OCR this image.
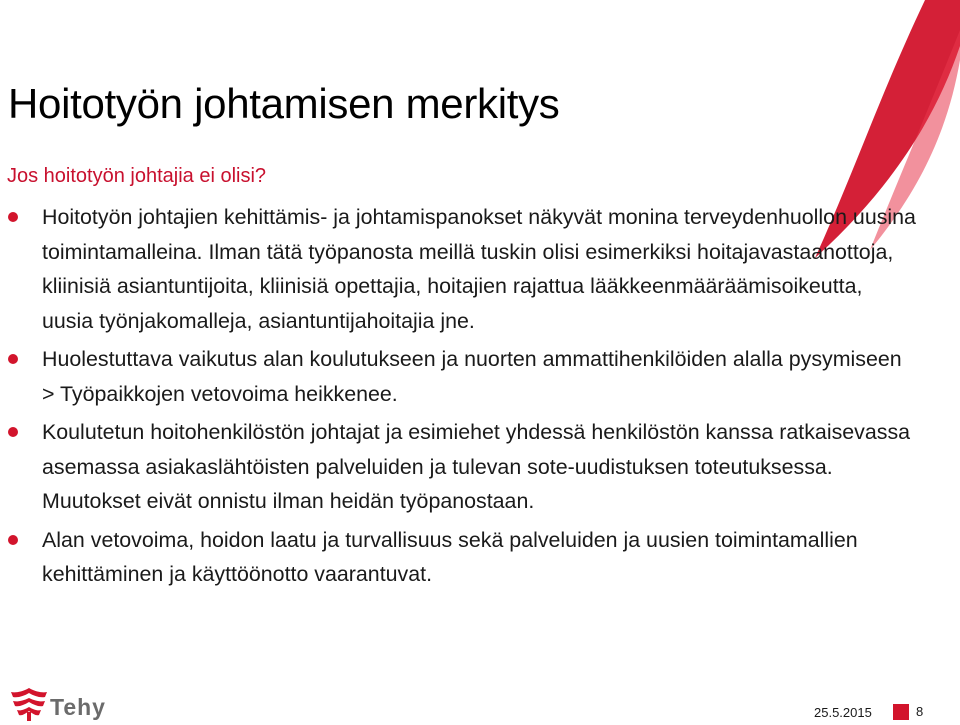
Hoitotyön johtamisen merkitys

Jos hoitotyön johtajia ei olisi?

Hoitotyön johtajien kehittämis- ja johtamispanokset näkyvät monina terveydenhuollon uusina toimintamalleina. Ilman tätä työpanosta meillä tuskin olisi esimerkiksi hoitajavastaanottoja, kliinisiä asiantuntijoita, kliinisiä opettajia, hoitajien rajattua lääkkeenmääräämisoikeutta, uusia työnjakomalleja, asiantuntijahoitajia jne.
Huolestuttava vaikutus alan koulutukseen ja nuorten ammattihenkilöiden alalla pysymiseen > Työpaikkojen vetovoima heikkenee.
Koulutetun hoitohenkilöstön johtajat ja esimiehet yhdessä henkilöstön kanssa ratkaisevassa asemassa asiakaslähtöisten palveluiden ja tulevan sote-uudistuksen toteutuksessa. Muutokset eivät onnistu ilman heidän työpanostaan.
Alan vetovoima, hoidon laatu ja turvallisuus sekä palveluiden ja uusien toimintamallien kehittäminen ja käyttöönotto vaarantuvat.
Tehy	25.5.2015	8
